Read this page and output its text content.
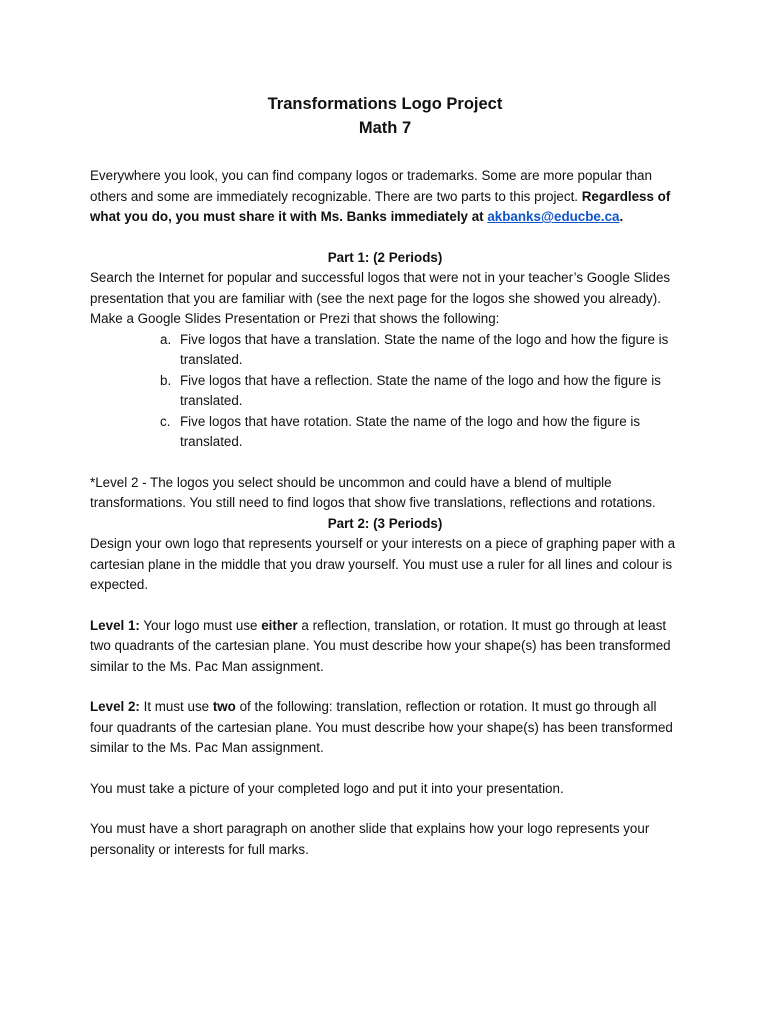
Transformations Logo Project
Math 7

Everywhere you look, you can find company logos or trademarks. Some are more popular than others and some are immediately recognizable. There are two parts to this project. Regardless of what you do, you must share it with Ms. Banks immediately at akbanks@educbe.ca.

Part 1: (2 Periods)

Search the Internet for popular and successful logos that were not in your teacher’s Google Slides presentation that you are familiar with (see the next page for the logos she showed you already). Make a Google Slides Presentation or Prezi that shows the following:

a. Five logos that have a translation. State the name of the logo and how the figure is translated.
b. Five logos that have a reflection. State the name of the logo and how the figure is translated.
c. Five logos that have rotation. State the name of the logo and how the figure is translated.

*Level 2 - The logos you select should be uncommon and could have a blend of multiple transformations. You still need to find logos that show five translations, reflections and rotations.

Part 2: (3 Periods)

Design your own logo that represents yourself or your interests on a piece of graphing paper with a cartesian plane in the middle that you draw yourself. You must use a ruler for all lines and colour is expected.

Level 1: Your logo must use either a reflection, translation, or rotation. It must go through at least two quadrants of the cartesian plane. You must describe how your shape(s) has been transformed similar to the Ms. Pac Man assignment.

Level 2: It must use two of the following: translation, reflection or rotation. It must go through all four quadrants of the cartesian plane. You must describe how your shape(s) has been transformed similar to the Ms. Pac Man assignment.

You must take a picture of your completed logo and put it into your presentation.

You must have a short paragraph on another slide that explains how your logo represents your personality or interests for full marks.
